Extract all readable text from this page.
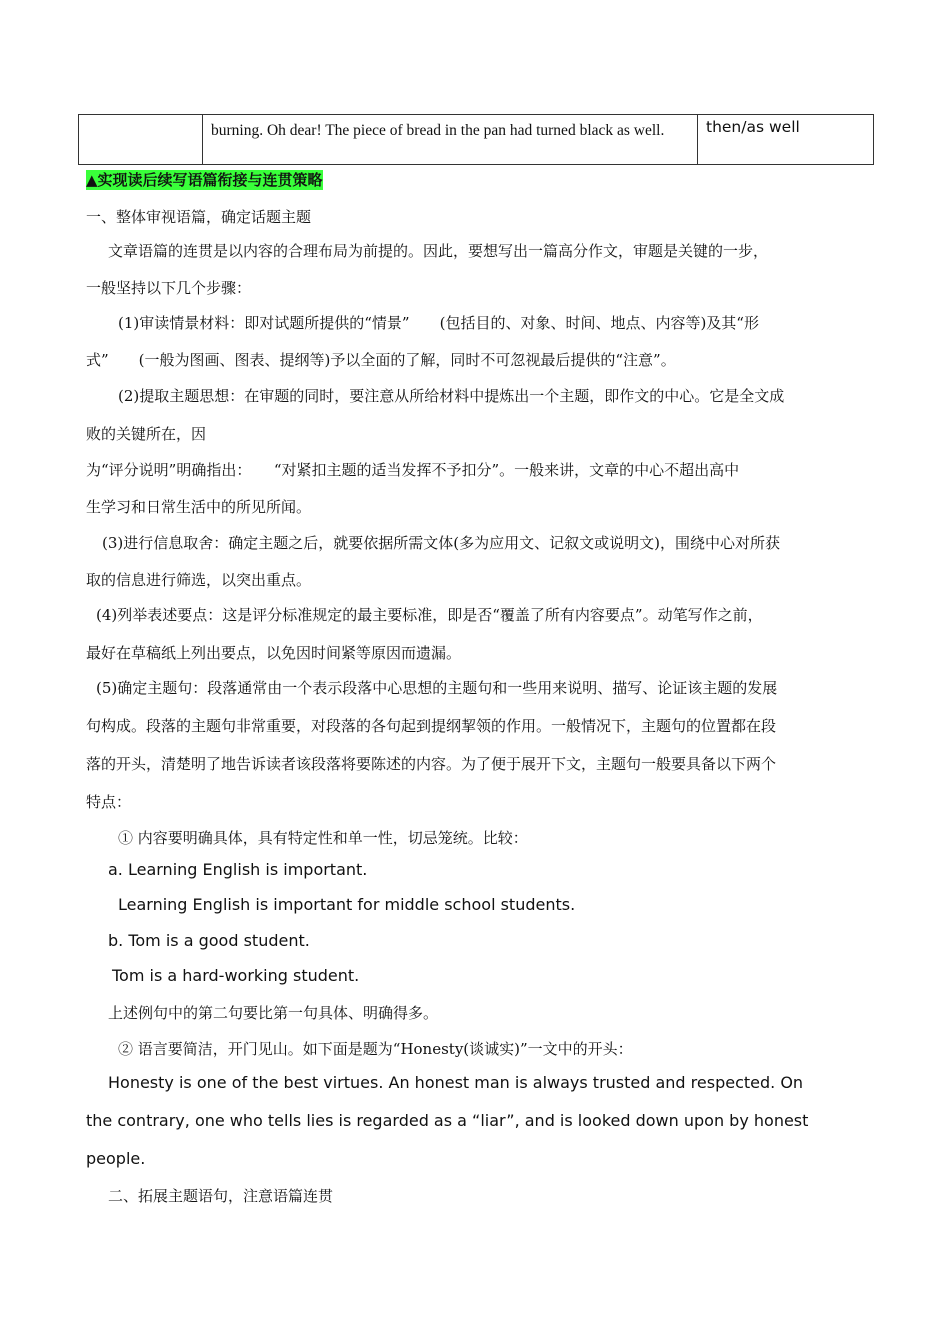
	burning. Oh dear! The piece of bread in the pan had turned black as well.	then/as well
▲实现读后续写语篇衔接与连贯策略
一、整体审视语篇，确定话题主题
文章语篇的连贯是以内容的合理布局为前提的。因此，要想写出一篇高分作文，审题是关键的一步，
一般坚持以下几个步骤：
(1)审读情景材料：即对试题所提供的“情景”　　(包括目的、对象、时间、地点、内容等)及其“形
式”　　(一般为图画、图表、提纲等)予以全面的了解，同时不可忽视最后提供的“注意”。
(2)提取主题思想：在审题的同时，要注意从所给材料中提炼出一个主题，即作文的中心。它是全文成
败的关键所在，因
为“评分说明”明确指出：　　“对紧扣主题的适当发挥不予扣分”。一般来讲，文章的中心不超出高中
生学习和日常生活中的所见所闻。
(3)进行信息取舍：确定主题之后，就要依据所需文体(多为应用文、记叙文或说明文)，围绕中心对所获
取的信息进行筛选，以突出重点。
(4)列举表述要点：这是评分标准规定的最主要标准，即是否“覆盖了所有内容要点”。动笔写作之前，
最好在草稿纸上列出要点，以免因时间紧等原因而遗漏。
(5)确定主题句：段落通常由一个表示段落中心思想的主题句和一些用来说明、描写、论证该主题的发展
句构成。段落的主题句非常重要，对段落的各句起到提纲挈领的作用。一般情况下，主题句的位置都在段
落的开头，清楚明了地告诉读者该段落将要陈述的内容。为了便于展开下文，主题句一般要具备以下两个
特点：
① 内容要明确具体，具有特定性和单一性，切忌笼统。比较：
a. Learning English is important.
Learning English is important for middle school students.
b. Tom is a good student.
Tom is a hard-working student.
上述例句中的第二句要比第一句具体、明确得多。
② 语言要简洁，开门见山。如下面是题为“Honesty(谈诚实)”一文中的开头：
Honesty is one of the best virtues. An honest man is always trusted and respected. On
the contrary, one who tells lies is regarded as a “liar”, and is looked down upon by honest
people.
二、拓展主题语句，注意语篇连贯
